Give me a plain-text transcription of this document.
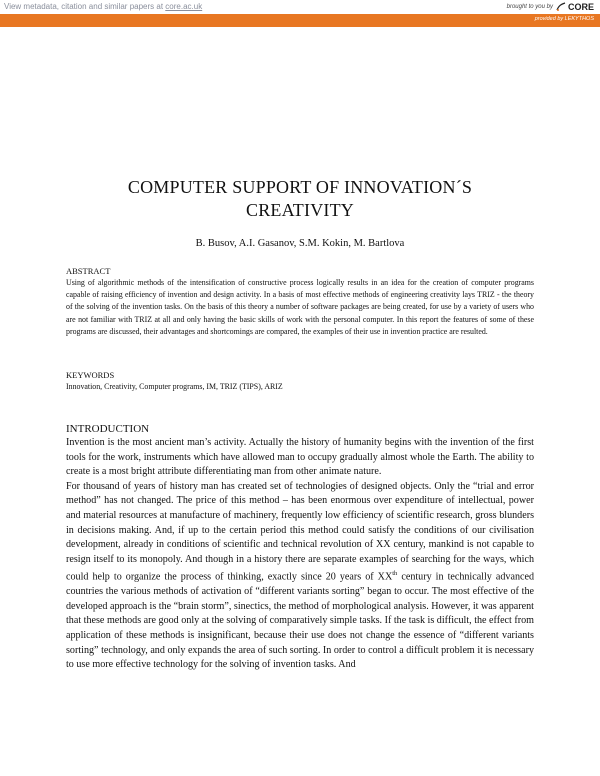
View metadata, citation and similar papers at core.ac.uk	brought to you by CORE
provided by LEKYTHOS
COMPUTER SUPPORT OF INNOVATION´S
CREATIVITY
B. Busov, A.I. Gasanov, S.M. Kokin, M. Bartlova
ABSTRACT
Using of algorithmic methods of the intensification of constructive process logically results in an idea for the creation of computer programs capable of raising efficiency of invention and design activity. In a basis of most effective methods of engineering creativity lays TRIZ - the theory of the solving of the invention tasks. On the basis of this theory a number of software packages are being created, for use by a variety of users who are not familiar with TRIZ at all and only having the basic skills of work with the personal computer. In this report the features of some of these programs are discussed, their advantages and shortcomings are compared, the examples of their use in invention practice are resulted.
KEYWORDS
Innovation, Creativity, Computer programs, IM, TRIZ (TIPS), ARIZ
INTRODUCTION

Invention is the most ancient man’s activity. Actually the history of humanity begins with the invention of the first tools for the work, instruments which have allowed man to occupy gradually almost whole the Earth. The ability to create is a most bright attribute differentiating man from other animate nature.

For thousand of years of history man has created set of technologies of designed objects. Only the “trial and error method” has not changed. The price of this method – has been enormous over expenditure of intellectual, power and material resources at manufacture of machinery, frequently low efficiency of scientific research, gross blunders in decisions making. And, if up to the certain period this method could satisfy the conditions of our civilisation development, already in conditions of scientific and technical revolution of XX century, mankind is not capable to resign itself to its monopoly. And though in a history there are separate examples of searching for the ways, which could help to organize the process of thinking, exactly since 20 years of XXth century in technically advanced countries the various methods of activation of “different variants sorting” began to occur. The most effective of the developed approach is the “brain storm”, sinectics, the method of morphological analysis. However, it was apparent that these methods are good only at the solving of comparatively simple tasks. If the task is difficult, the effect from application of these methods is insignificant, because their use does not change the essence of “different variants sorting” technology, and only expands the area of such sorting. In order to control a difficult problem it is necessary to use more effective technology for the solving of invention tasks. And
